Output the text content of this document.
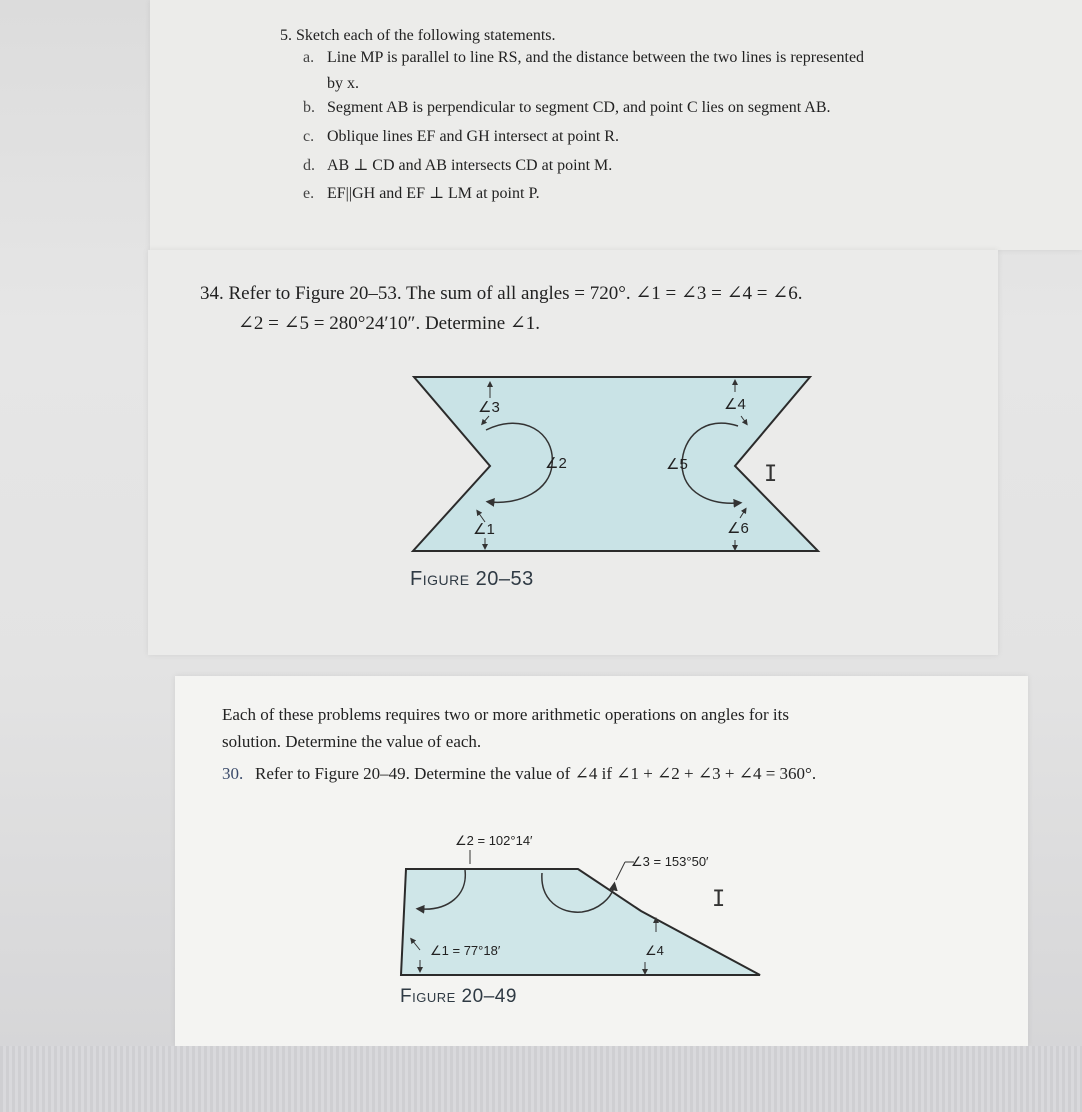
5. Sketch each of the following statements.
a. Line MP is parallel to line RS, and the distance between the two lines is represented
by x.
b. Segment AB is perpendicular to segment CD, and point C lies on segment AB.
c. Oblique lines EF and GH intersect at point R.
d. AB ⊥ CD and AB intersects CD at point M.
e. EF||GH and EF ⊥ LM at point P.
34. Refer to Figure 20–53. The sum of all angles = 720°. ∠1 = ∠3 = ∠4 = ∠6.
∠2 = ∠5 = 280°24′10″. Determine ∠1.
∠3
∠2
∠1
∠4
∠5
∠6
Figure 20–53
I
Each of these problems requires two or more arithmetic operations on angles for its
solution. Determine the value of each.
30. Refer to Figure 20–49. Determine the value of ∠4 if ∠1 + ∠2 + ∠3 + ∠4 = 360°.
∠2 = 102°14′
∠3 = 153°50′
∠1 = 77°18′	∠4
Figure 20–49
I
